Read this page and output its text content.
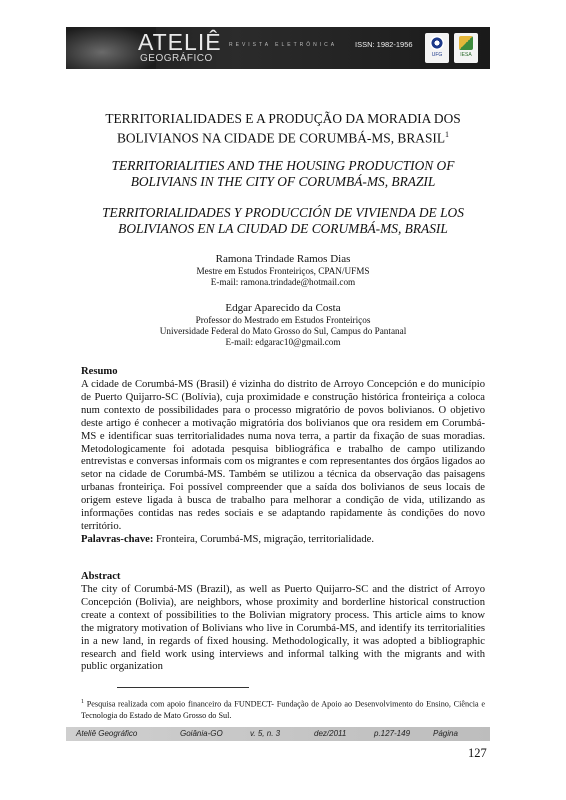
ATELIÊ
GEOGRÁFICO
REVISTA ELETRÔNICA ISSN: 1982-1956
UFG	IESA
TERRITORIALIDADES E A PRODUÇÃO DA MORADIA DOS
BOLIVIANOS NA CIDADE DE CORUMBÁ-MS, BRASIL$^1$
TERRITORIALITIES AND THE HOUSING PRODUCTION OF
BOLIVIANS IN THE CITY OF CORUMBÁ-MS, BRAZIL
TERRITORIALIDADES Y PRODUCCIÓN DE VIVIENDA DE LOS
BOLIVIANOS EN LA CIUDAD DE CORUMBÁ-MS, BRASIL
Ramona Trindade Ramos Dias
Mestre em Estudos Fronteiriços, CPAN/UFMS
E-mail: ramona.trindade@hotmail.com
Edgar Aparecido da Costa
Professor do Mestrado em Estudos Fronteiriços
Universidade Federal do Mato Grosso do Sul, Campus do Pantanal
E-mail: edgarac10@gmail.com
Resumo
A cidade de Corumbá-MS (Brasil) é vizinha do distrito de Arroyo Concepción e do município de Puerto Quijarro-SC (Bolívia), cuja proximidade e construção histórica fronteiriça a coloca num contexto de possibilidades para o processo migratório de povos bolivianos. O objetivo deste artigo é conhecer a motivação migratória dos bolivianos que ora residem em Corumbá-MS e identificar suas territorialidades numa nova terra, a partir da fixação de suas moradias. Metodologicamente foi adotada pesquisa bibliográfica e trabalho de campo utilizando entrevistas e conversas informais com os migrantes e com representantes dos órgãos ligados ao setor na cidade de Corumbá-MS. Também se utilizou a técnica da observação das paisagens urbanas fronteiriça. Foi possível compreender que a saída dos bolivianos de seus locais de origem esteve ligada à busca de trabalho para melhorar a condição de vida, utilizando as informações contidas nas redes sociais e se adaptando rapidamente às condições do novo território.
Palavras-chave: Fronteira, Corumbá-MS, migração, territorialidade.
Abstract
The city of Corumbá-MS (Brazil), as well as Puerto Quijarro-SC and the district of Arroyo Concepción (Bolivia), are neighbors, whose proximity and borderline historical construction create a context of possibilities to the Bolivian migratory process. This article aims to know the migratory motivation of Bolivians who live in Corumbá-MS, and identify its territorialities in a new land, in regards of fixed housing. Methodologically, it was adopted a bibliographic research and field work using interviews and informal talking with the migrants and with public organization
$^1$ Pesquisa realizada com apoio financeiro da FUNDECT- Fundação de Apoio ao Desenvolvimento do Ensino, Ciência e Tecnologia do Estado de Mato Grosso do Sul.
Ateliê Geográfico	Goiânia-GO	v. 5, n. 3	dez/2011	p.127-149	Página
127
